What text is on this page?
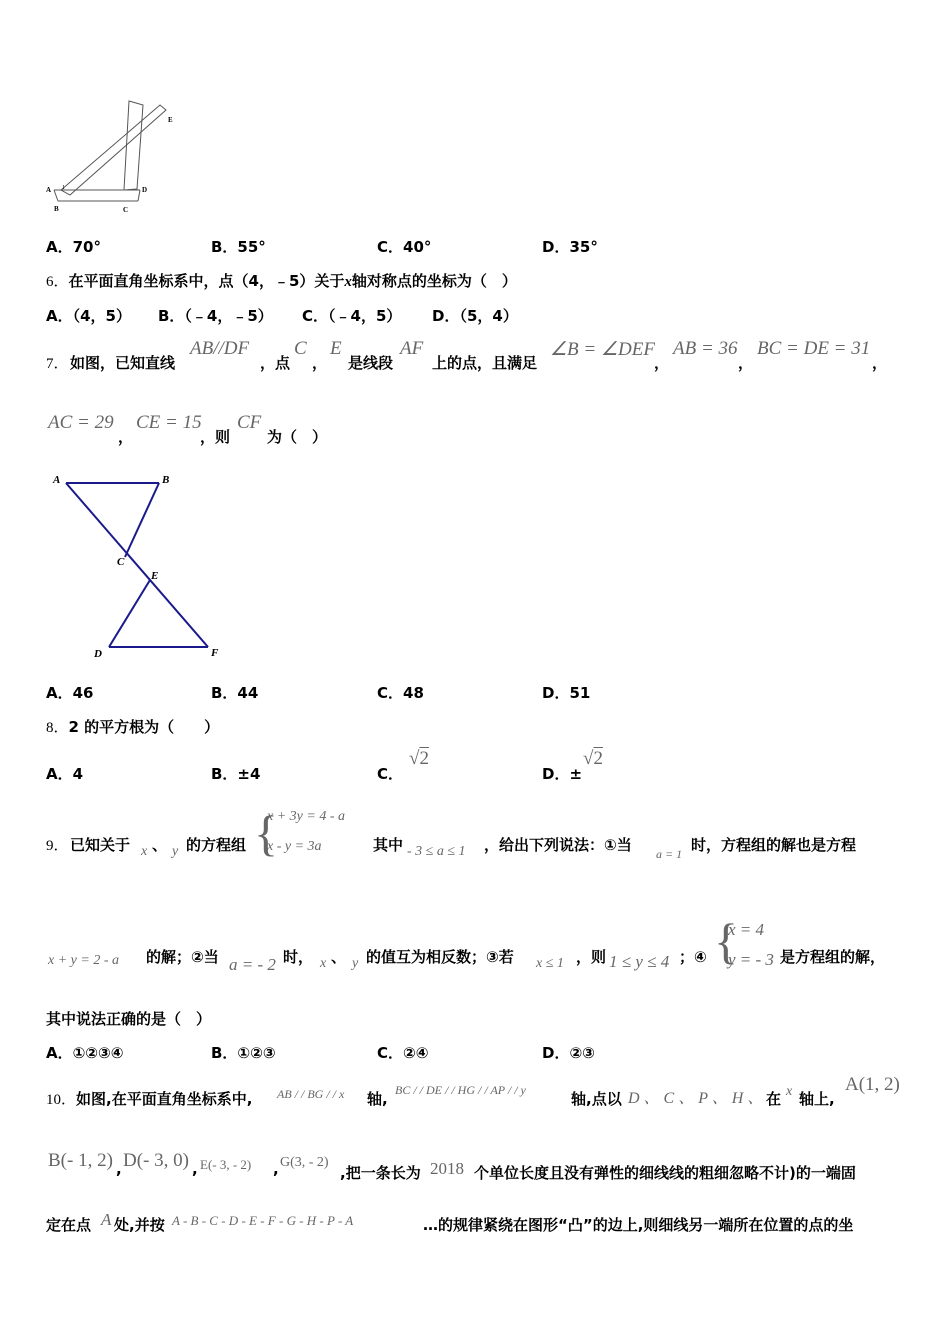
A 1
B	C
D
E
A．70°	B．55°	C．40°	D．35°
6．在平面直角坐标系中，点（4，﹣5）关于x轴对称点的坐标为（　）
A．（4，5） B．（﹣4，﹣5） C．（﹣4，5） D．（5，4）
7． 如图，已知直线
AB//DF
，点
C
，
E
是线段
AF
上的点，且满足
∠B = ∠DEF
，
AB = 36
，
BC = DE = 31
，
AC = 29
，
CE = 15
，则
CF
为（　）
A	B
C
E
D	F
A．46	B．44	C．48	D．51
8．2 的平方根为（　　）
A．4	B．±4	C．
√2
D．±
√2
9． 已知关于 x 、 y 的方程组 {
x + 3y = 4 - a
x - y = 3a	其中 - 3 ≤ a ≤ 1 ，给出下列说法：①当 a = 1 时，方程组的解也是方程
x + y = 2 - a 的解；②当 a = - 2 时， x 、 y 的值互为相反数；③若 x ≤ 1 ，则 1 ≤ y ≤ 4 ；④ {
x = 4
y = - 3 是方程组的解，
其中说法正确的是（　）
A．①②③④	B．①②③	C．②④	D．②③
10． 如图,在平面直角坐标系中, AB / / BG / / x 轴, BC / / DE / / HG / / AP / / y	轴,点以 D 、 C 、 P 、 H 、 在 x 轴上,
A(1, 2)
B(- 1, 2) , D(- 3, 0) , E(- 3, - 2) , G(3, - 2)
,把一条长为 2018 个单位长度且没有弹性的细线线的粗细忽略不计)的一端固
定在点 A 处,并按 A - B - C - D - E - F - G - H - P - A	…的规律紧绕在图形“凸”的边上,则细线另一端所在位置的点的坐
